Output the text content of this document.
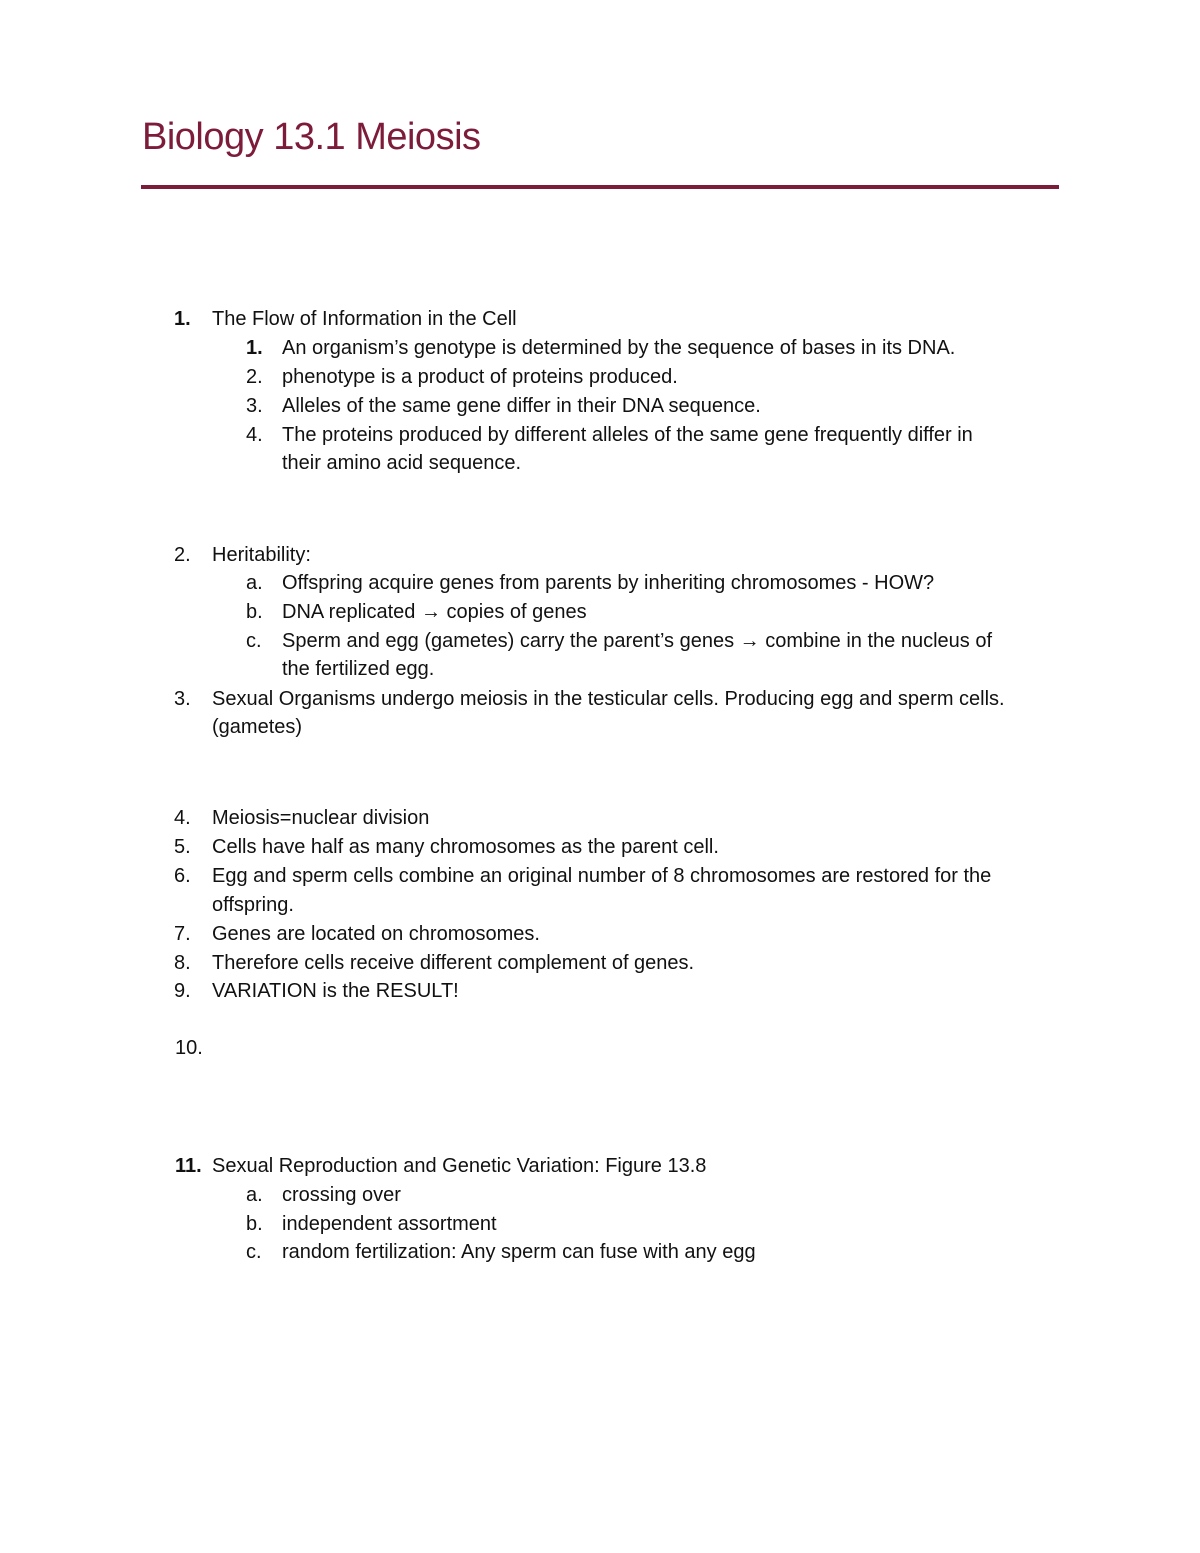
Biology 13.1 Meiosis
1. The Flow of Information in the Cell
1. An organism’s genotype is determined by the sequence of bases in its DNA.
2. phenotype is a product of proteins produced.
3. Alleles of the same gene differ in their DNA sequence.
4. The proteins produced by different alleles of the same gene frequently differ in
their amino acid sequence.
2. Heritability:
a. Offspring acquire genes from parents by inheriting chromosomes - HOW?
b. DNA replicated → copies of genes
c. Sperm and egg (gametes) carry the parent’s genes → combine in the nucleus of
the fertilized egg.
3. Sexual Organisms undergo meiosis in the testicular cells. Producing egg and sperm cells.
(gametes)
4. Meiosis=nuclear division
5. Cells have half as many chromosomes as the parent cell.
6. Egg and sperm cells combine an original number of 8 chromosomes are restored for the
offspring.
7. Genes are located on chromosomes.
8. Therefore cells receive different complement of genes.
9. VARIATION is the RESULT!
10.
11. Sexual Reproduction and Genetic Variation: Figure 13.8
a. crossing over
b. independent assortment
c. random fertilization: Any sperm can fuse with any egg
